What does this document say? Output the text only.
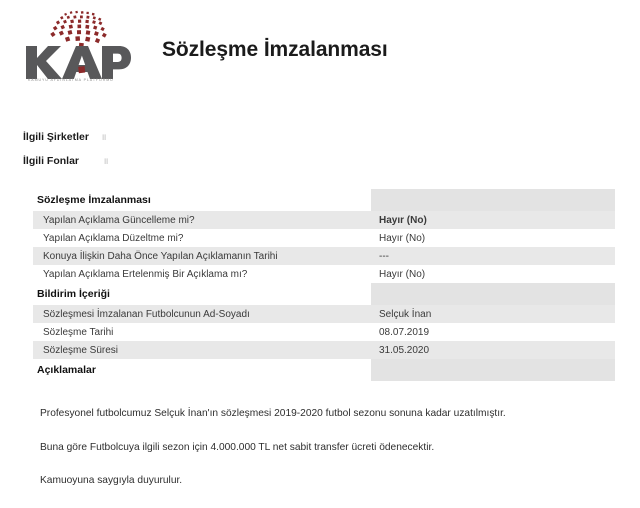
KAMUYU AYDINLATMA PLATFORMU
Sözleşme İmzalanması
İlgili Şirketler ॥
İlgili Fonlar	॥
Sözleşme İmzalanması	

Yapılan Açıklama Güncelleme mi?	Hayır (No)

Yapılan Açıklama Düzeltme mi?	Hayır (No)

Konuya İlişkin Daha Önce Yapılan Açıklamanın Tarihi	---

Yapılan Açıklama Ertelenmiş Bir Açıklama mı?	Hayır (No)

Bildirim İçeriği	

Sözleşmesi İmzalanan Futbolcunun Ad-Soyadı	Selçuk İnan

Sözleşme Tarihi	08.07.2019

Sözleşme Süresi	31.05.2020

Açıklamalar	

Profesyonel futbolcumuz Selçuk İnan'ın sözleşmesi 2019-2020 futbol sezonu sonuna kadar uzatılmıştır.

Buna göre Futbolcuya ilgili sezon için 4.000.000 TL net sabit transfer ücreti ödenecektir.

Kamuoyuna saygıyla duyurulur.
